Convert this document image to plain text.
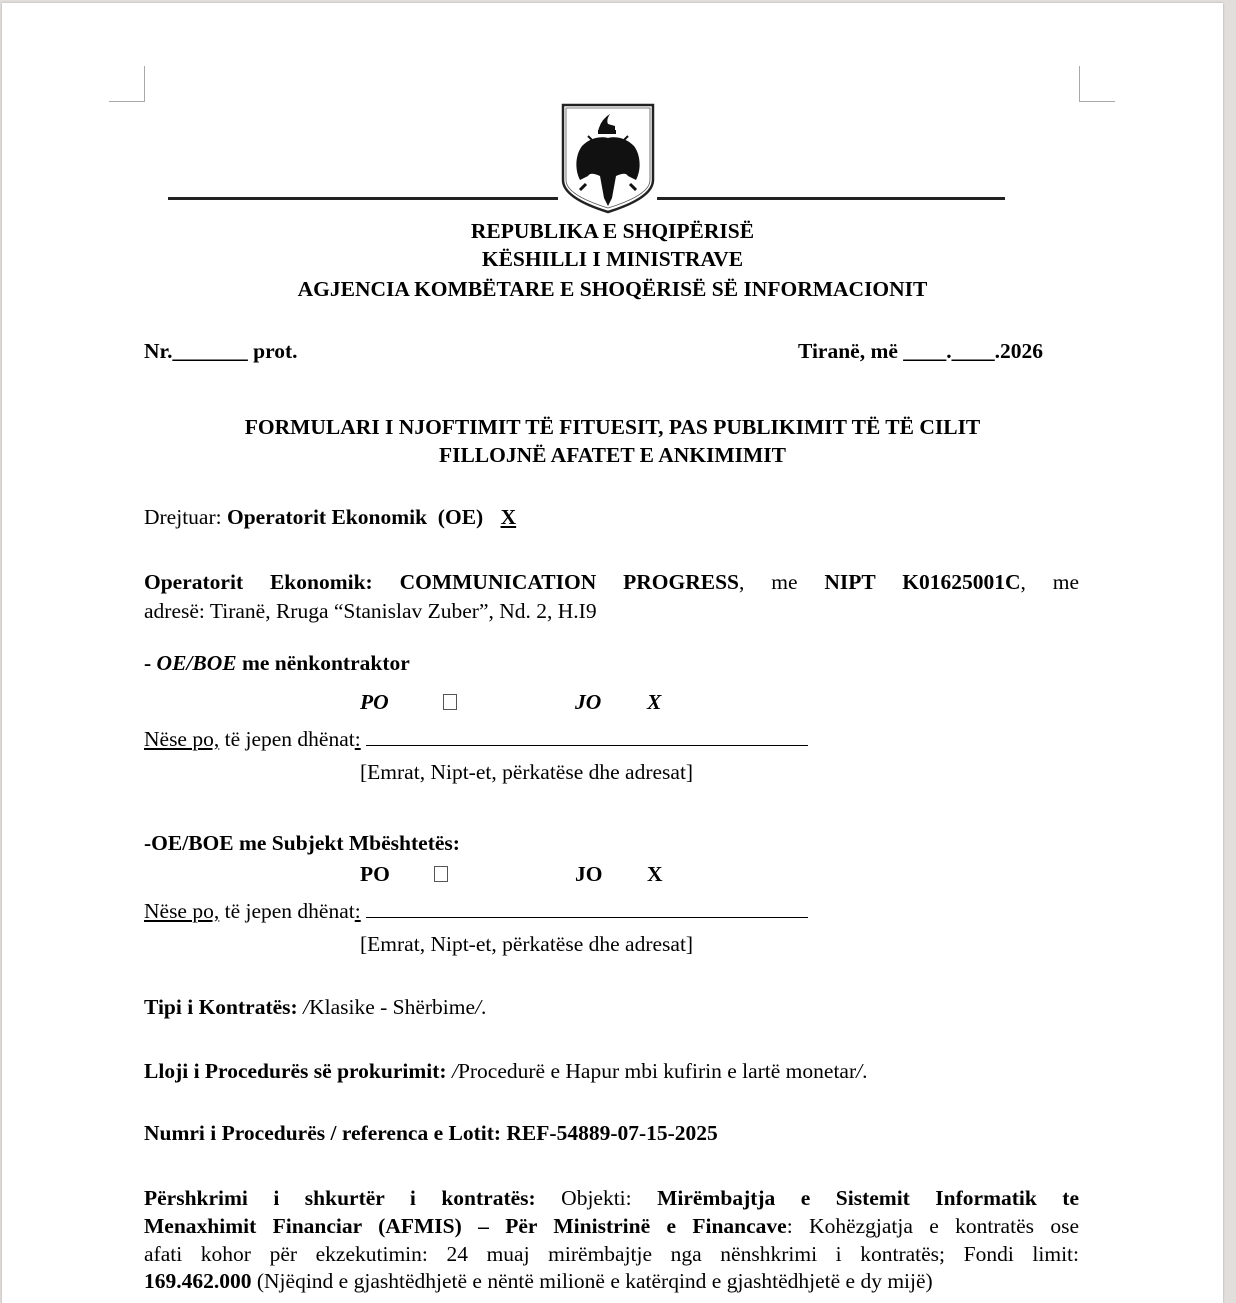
REPUBLIKA E SHQIPËRISË
KËSHILLI I MINISTRAVE
AGJENCIA KOMBËTARE E SHOQËRISË SË INFORMACIONIT
Nr._______ prot.	Tiranë, më ____.____.2026
FORMULARI I NJOFTIMIT TË FITUESIT, PAS PUBLIKIMIT TË TË CILIT
FILLOJNË AFATET E ANKIMIMIT
Drejtuar: Operatorit Ekonomik  (OE) X
Operatorit Ekonomik: COMMUNICATION PROGRESS, me NIPT K01625001C, me
adresë: Tiranë, Rruga “Stanislav Zuber”, Nd. 2, H.I9
- OE/BOE me nënkontraktor
PO	JO X
Nëse po, të jepen dhënat:
[Emrat, Nipt-et, përkatëse dhe adresat]
-OE/BOE me Subjekt Mbështetës:
PO	JO X
Nëse po, të jepen dhënat:
[Emrat, Nipt-et, përkatëse dhe adresat]
Tipi i Kontratës: /Klasike - Shërbime/.
Lloji i Procedurës së prokurimit: /Procedurë e Hapur mbi kufirin e lartë monetar/.
Numri i Procedurës / referenca e Lotit: REF-54889-07-15-2025
Përshkrimi i shkurtër i kontratës: Objekti: Mirëmbajtja e Sistemit Informatik te
Menaxhimit Financiar (AFMIS) – Për Ministrinë e Financave: Kohëzgjatja e kontratës ose
afati kohor për ekzekutimin: 24 muaj mirëmbajtje nga nënshkrimi i kontratës; Fondi limit:
169.462.000 (Njëqind e gjashtëdhjetë e nëntë milionë e katërqind e gjashtëdhjetë e dy mijë)
